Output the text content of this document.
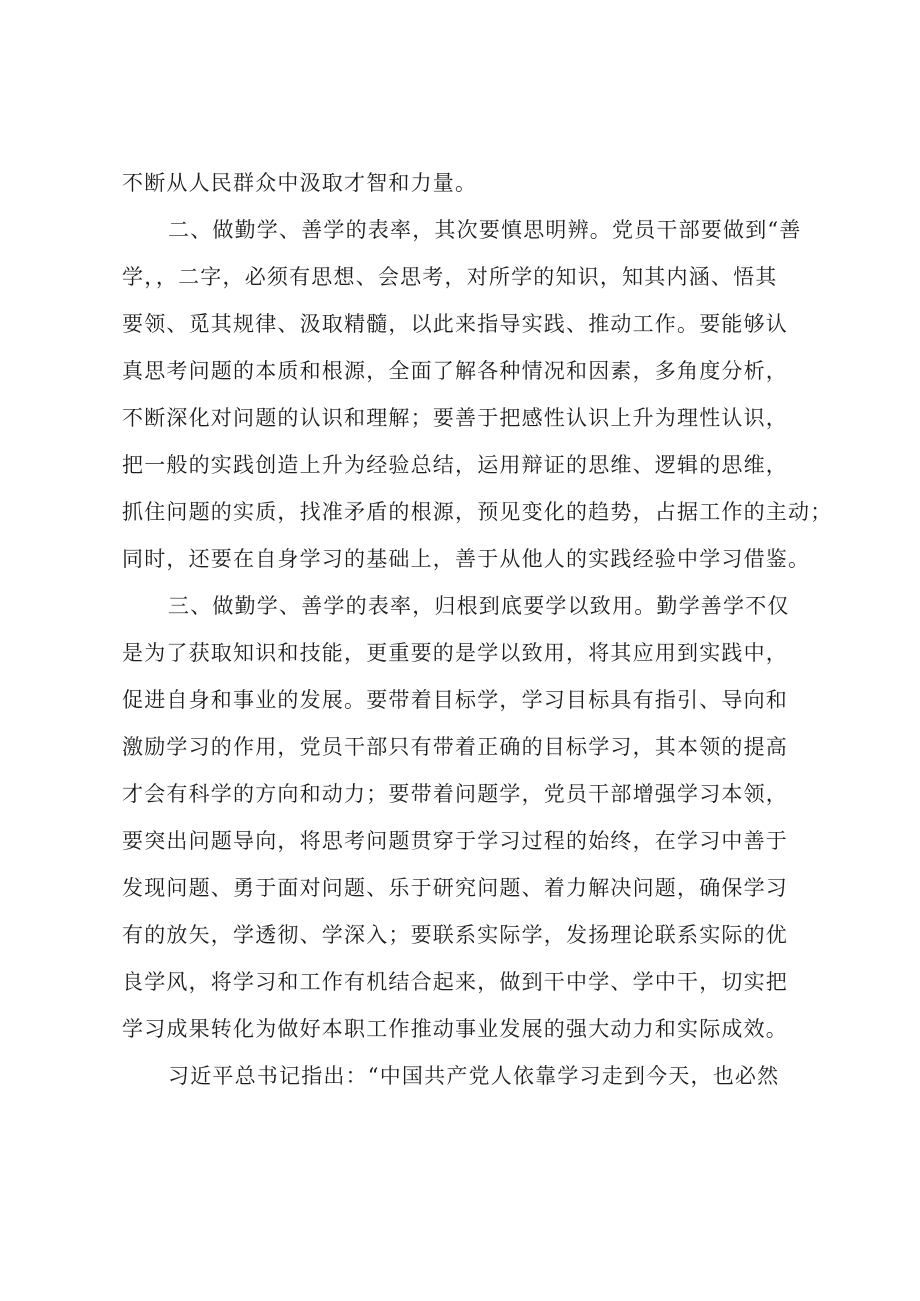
不断从人民群众中汲取才智和力量。
二、做勤学、善学的表率，其次要慎思明辨。党员干部要做到“善
学，，二字，必须有思想、会思考，对所学的知识，知其内涵、悟其
要领、觅其规律、汲取精髓，以此来指导实践、推动工作。要能够认
真思考问题的本质和根源，全面了解各种情况和因素，多角度分析，
不断深化对问题的认识和理解；要善于把感性认识上升为理性认识，
把一般的实践创造上升为经验总结，运用辩证的思维、逻辑的思维，
抓住问题的实质，找准矛盾的根源，预见变化的趋势，占据工作的主动；
同时，还要在自身学习的基础上，善于从他人的实践经验中学习借鉴。
三、做勤学、善学的表率，归根到底要学以致用。勤学善学不仅
是为了获取知识和技能，更重要的是学以致用，将其应用到实践中，
促进自身和事业的发展。要带着目标学，学习目标具有指引、导向和
激励学习的作用，党员干部只有带着正确的目标学习，其本领的提高
才会有科学的方向和动力；要带着问题学，党员干部增强学习本领，
要突出问题导向，将思考问题贯穿于学习过程的始终，在学习中善于
发现问题、勇于面对问题、乐于研究问题、着力解决问题，确保学习
有的放矢，学透彻、学深入；要联系实际学，发扬理论联系实际的优
良学风，将学习和工作有机结合起来，做到干中学、学中干，切实把
学习成果转化为做好本职工作推动事业发展的强大动力和实际成效。
习近平总书记指出：“中国共产党人依靠学习走到今天，也必然
